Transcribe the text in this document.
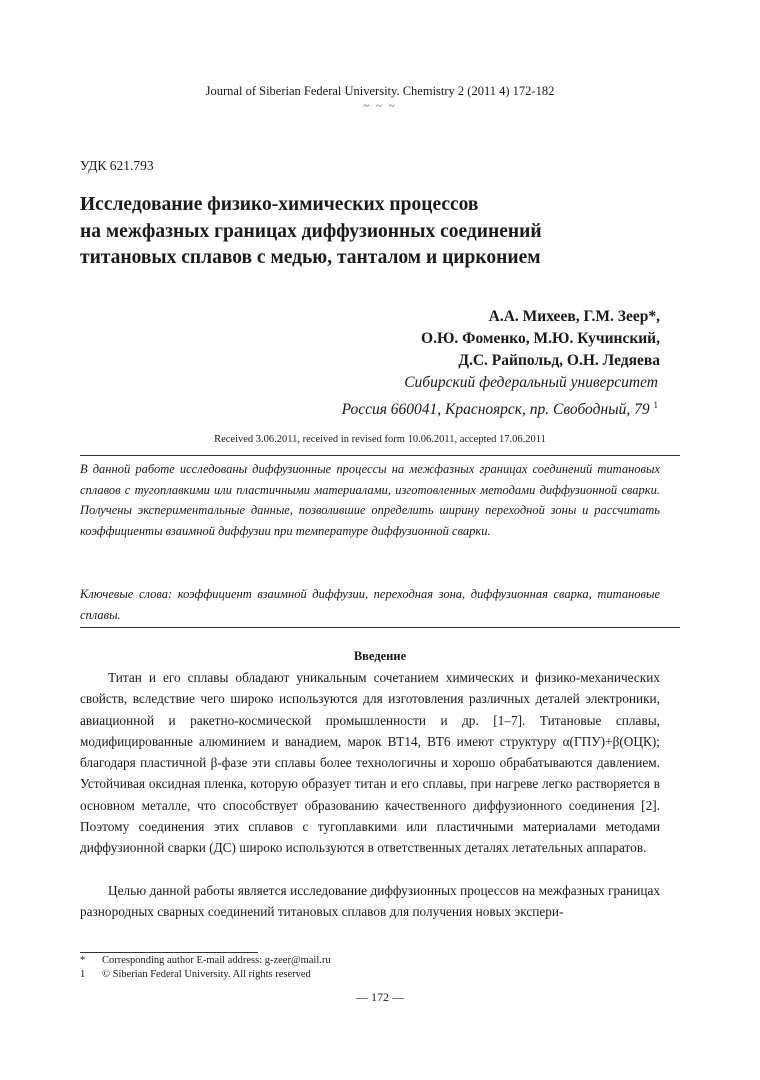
Journal of Siberian Federal University. Chemistry 2 (2011 4) 172-182
~ ~ ~
УДК 621.793
Исследование физико-химических процессов
на межфазных границах диффузионных соединений
титановых сплавов с медью, танталом и цирконием
А.А. Михеев, Г.М. Зеер*,
О.Ю. Фоменко, М.Ю. Кучинский,
Д.С. Райпольд, О.Н. Ледяева
Сибирский федеральный университет
Россия 660041, Красноярск, пр. Свободный, 79 $^1$
Received 3.06.2011, received in revised form 10.06.2011, accepted 17.06.2011
В данной работе исследованы диффузионные процессы на межфазных границах соединений титановых сплавов с тугоплавкими или пластичными материалами, изготовленных методами диффузионной сварки. Получены экспериментальные данные, позволившие определить ширину переходной зоны и рассчитать коэффициенты взаимной диффузии при температуре диффузионной сварки.
Ключевые слова: коэффициент взаимной диффузии, переходная зона, диффузионная сварка, титановые сплавы.
Введение

Титан и его сплавы обладают уникальным сочетанием химических и физико-механических свойств, вследствие чего широко используются для изготовления различных деталей электроники, авиационной и ракетно-космической промышленности и др. [1–7]. Титановые сплавы, модифицированные алюминием и ванадием, марок ВТ14, ВТ6 имеют структуру α(ГПУ)+β(ОЦК); благодаря пластичной β-фазе эти сплавы более технологичны и хорошо обрабатываются давлением. Устойчивая оксидная пленка, которую образует титан и его сплавы, при нагреве легко растворяется в основном металле, что способствует образованию качественного диффузионного соединения [2]. Поэтому соединения этих сплавов с тугоплавкими или пластичными материалами методами диффузионной сварки (ДС) широко используются в ответственных деталях летательных аппаратов.

Целью данной работы является исследование диффузионных процессов на межфазных границах разнородных сварных соединений титановых сплавов для получения новых экспери-

* Corresponding author E-mail address: g-zeer@mail.ru
1 © Siberian Federal University. All rights reserved
— 172 —
